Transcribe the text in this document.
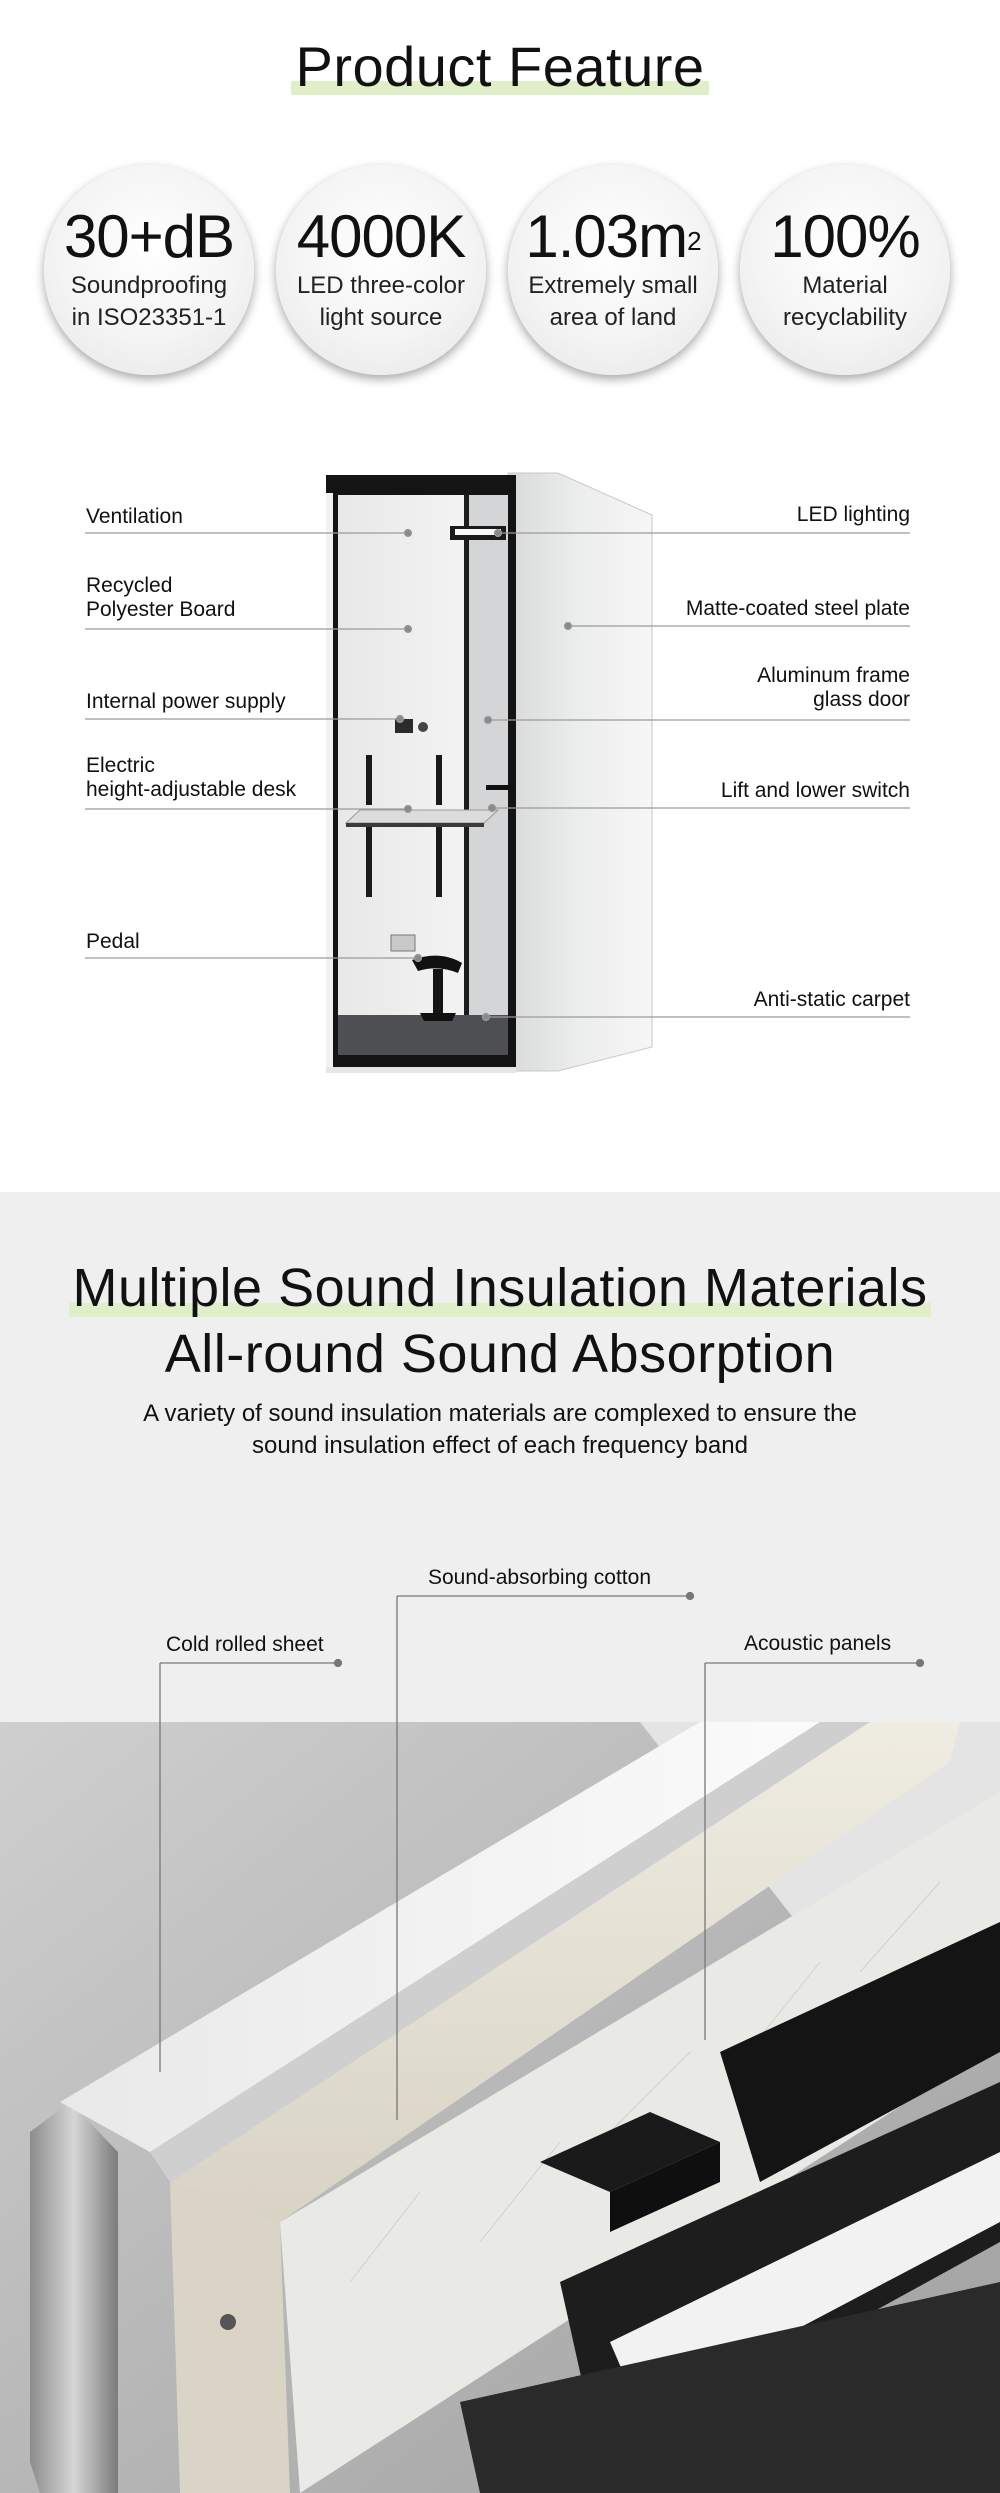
Product Feature
30+dB
Soundproofing
in ISO23351-1
4000K
LED three-color
light source
$1.03m^2$
Extremely small
area of land
100%
Material
recyclability
Ventilation
Recycled
Polyester Board
Internal power supply
Electric
height-adjustable desk
Pedal
LED lighting
Matte-coated steel plate
Aluminum frame
glass door
Lift and lower switch
Anti-static carpet
Multiple Sound Insulation Materials
All-round Sound Absorption
A variety of sound insulation materials are complexed to ensure the
sound insulation effect of each frequency band
Sound-absorbing cotton
Cold rolled sheet	Acoustic panels
